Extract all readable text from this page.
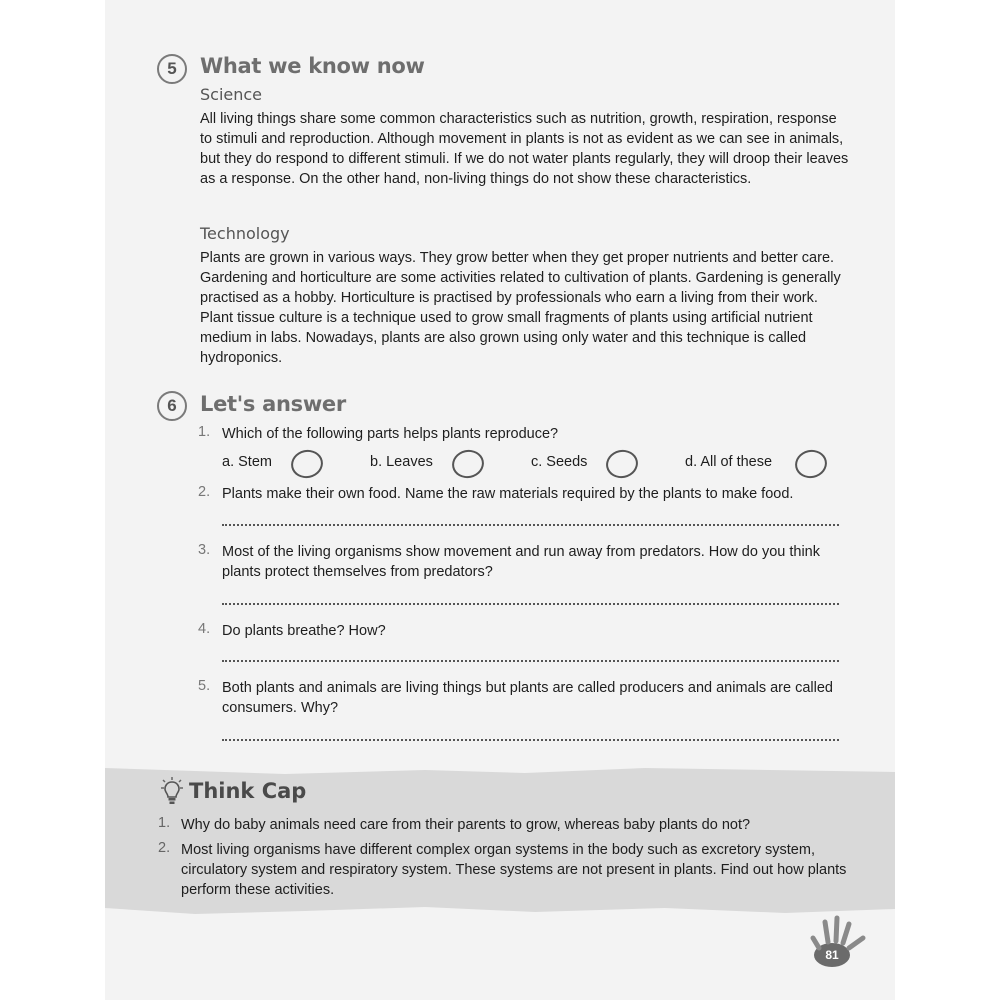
5	What we know now
Science

All living things share some common characteristics such as nutrition, growth, respiration, response to stimuli and reproduction. Although movement in plants is not as evident as we can see in animals, but they do respond to different stimuli. If we do not water plants regularly, they will droop their leaves as a response. On the other hand, non-living things do not show these characteristics.

Technology

Plants are grown in various ways. They grow better when they get proper nutrients and better care. Gardening and horticulture are some activities related to cultivation of plants. Gardening is generally practised as a hobby. Horticulture is practised by professionals who earn a living from their work. Plant tissue culture is a technique used to grow small fragments of plants using artificial nutrient medium in labs. Nowadays, plants are also grown using only water and this technique is called hydroponics.

6	Let's answer
1. Which of the following parts helps plants reproduce?

a. Stem	b. Leaves	c. Seeds	d. All of these
2. Plants make their own food. Name the raw materials required by the plants to make food.

3. Most of the living organisms show movement and run away from predators. How do you think plants protect themselves from predators?

4. Do plants breathe? How?

5. Both plants and animals are living things but plants are called producers and animals are called consumers. Why?

Think Cap
1. Why do baby animals need care from their parents to grow, whereas baby plants do not?

2. Most living organisms have different complex organ systems in the body such as excretory system, circulatory system and respiratory system. These systems are not present in plants. Find out how plants perform these activities.

81
